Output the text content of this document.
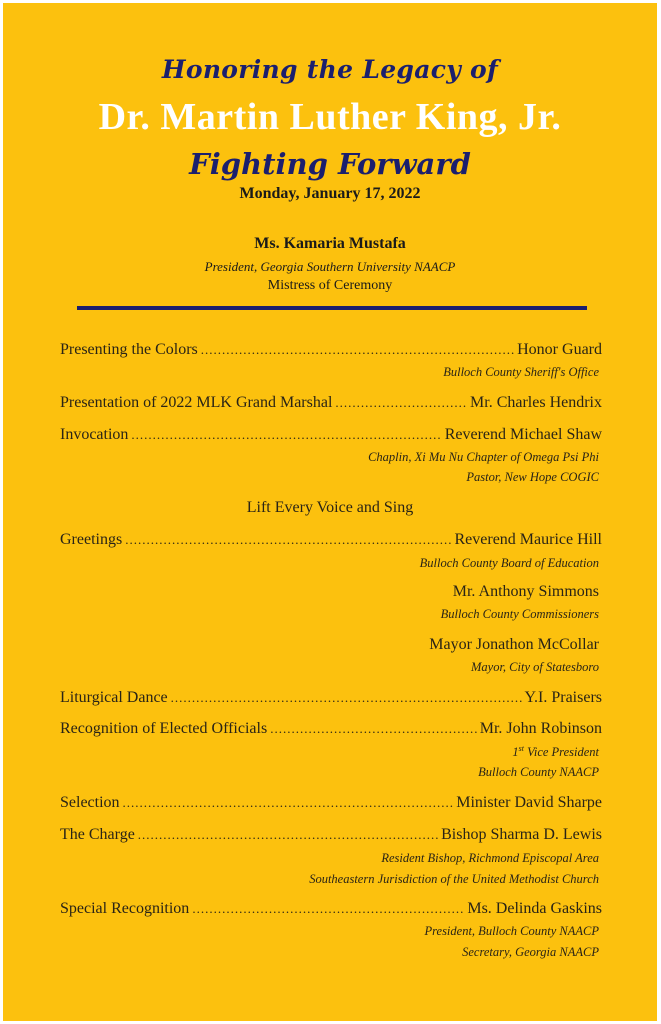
Honoring the Legacy of
Dr. Martin Luther King, Jr.
Fighting Forward
Monday, January 17, 2022
Ms. Kamaria Mustafa
President, Georgia Southern University NAACP
Mistress of Ceremony
Presenting the Colors .....	Honor Guard
Bulloch County Sheriff's Office
Presentation of 2022 MLK Grand Marshal .....	Mr. Charles Hendrix
Invocation .....	Reverend Michael Shaw
Chaplin, Xi Mu Nu Chapter of Omega Psi Phi
Pastor, New Hope COGIC
Lift Every Voice and Sing
Greetings .....	Reverend Maurice Hill
Bulloch County Board of Education
Mr. Anthony Simmons
Bulloch County Commissioners
Mayor Jonathon McCollar
Mayor, City of Statesboro
Liturgical Dance .....	Y.I. Praisers
Recognition of Elected Officials .....	Mr. John Robinson
1st Vice President
Bulloch County NAACP
Selection .....	Minister David Sharpe
The Charge .....	Bishop Sharma D. Lewis
Resident Bishop, Richmond Episcopal Area
Southeastern Jurisdiction of the United Methodist Church
Special Recognition .....	Ms. Delinda Gaskins
President, Bulloch County NAACP
Secretary, Georgia NAACP
